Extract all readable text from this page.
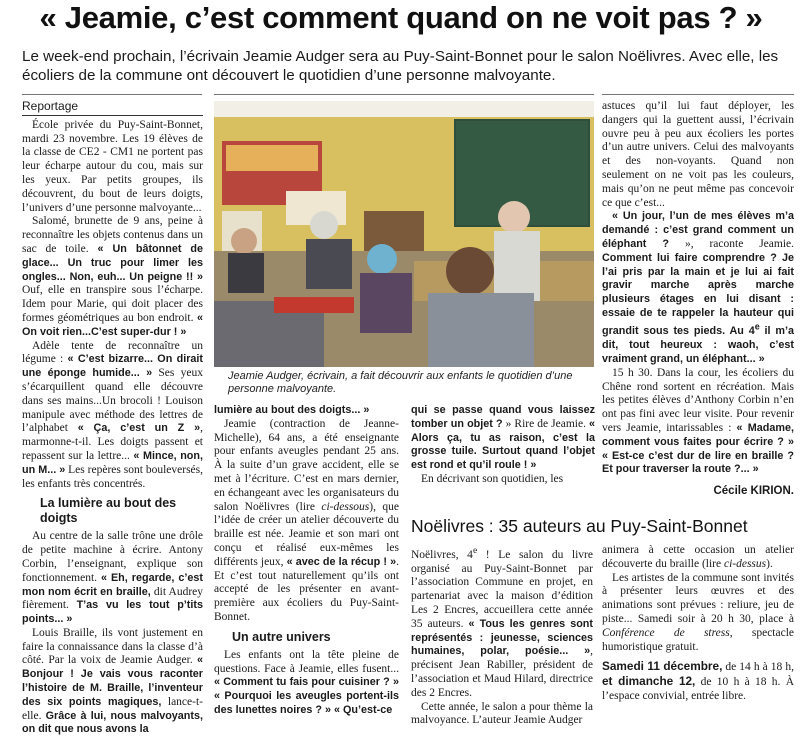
« Jeamie, c’est comment quand on ne voit pas ? »
Le week-end prochain, l’écrivain Jeamie Audger sera au Puy-Saint-Bonnet pour le salon Noëlivres. Avec elle, les écoliers de la commune ont découvert le quotidien d’une personne malvoyante.
Reportage

École privée du Puy-Saint-Bonnet, mardi 23 novembre. Les 19 élèves de la classe de CE2 - CM1 ne portent pas leur écharpe autour du cou, mais sur les yeux. Par petits groupes, ils découvrent, du bout de leurs doigts, l’univers d’une personne malvoyante...

Salomé, brunette de 9 ans, peine à reconnaître les objets contenus dans un sac de toile. « Un bâtonnet de glace... Un truc pour limer les ongles... Non, euh... Un peigne !! » Ouf, elle en transpire sous l’écharpe. Idem pour Marie, qui doit placer des formes géométriques au bon endroit. « On voit rien...C’est super-dur ! »

Adèle tente de reconnaître un légume : « C’est bizarre... On dirait une éponge humide... » Ses yeux s’écarquillent quand elle découvre dans ses mains...Un brocoli ! Louison manipule avec méthode des lettres de l’alphabet « Ça, c’est un Z », marmonne-t-il. Les doigts passent et repassent sur la lettre... « Mince, non, un M... » Les repères sont bouleversés, les enfants très concentrés.

La lumière au bout des doigts

Au centre de la salle trône une drôle de petite machine à écrire. Antony Corbin, l’enseignant, explique son fonctionnement. « Eh, regarde, c’est mon nom écrit en braille, dit Audrey fièrement. T’as vu les tout p’tits points... »

Louis Braille, ils vont justement en faire la connaissance dans la classe d’à côté. Par la voix de Jeamie Audger. « Bonjour ! Je vais vous raconter l’histoire de M. Braille, l’inventeur des six points magiques, lance-t-elle. Grâce à lui, nous malvoyants, on dit que nous avons la

Jeamie Audger, écrivain, a fait découvrir aux enfants le quotidien d’une personne malvoyante.

lumière au bout des doigts... »

Jeamie (contraction de Jeanne-Michelle), 64 ans, a été enseignante pour enfants aveugles pendant 25 ans. À la suite d’un grave accident, elle se met à l’écriture. C’est en mars dernier, en échangeant avec les organisateurs du salon Noëlivres (lire ci-dessous), que l’idée de créer un atelier découverte du braille est née. Jeamie et son mari ont conçu et réalisé eux-mêmes les différents jeux, « avec de la récup ! ». Et c’est tout naturellement qu’ils ont accepté de les présenter en avant-première aux écoliers du Puy-Saint-Bonnet.

Un autre univers

Les enfants ont la tête pleine de questions. Face à Jeamie, elles fusent... « Comment tu fais pour cuisiner ? » « Pourquoi les aveugles portent-ils des lunettes noires ? » « Qu’est-ce

qui se passe quand vous laissez tomber un objet ? » Rire de Jeamie. « Alors ça, tu as raison, c’est la grosse tuile. Surtout quand l’objet est rond et qu’il roule ! »

En décrivant son quotidien, les

astuces qu’il lui faut déployer, les dangers qui la guettent aussi, l’écrivain ouvre peu à peu aux écoliers les portes d’un autre univers. Celui des malvoyants et des non-voyants. Quand non seulement on ne voit pas les couleurs, mais qu’on ne peut même pas concevoir ce que c’est...

« Un jour, l’un de mes élèves m’a demandé : c’est grand comment un éléphant ? », raconte Jeamie. Comment lui faire comprendre ? Je l’ai pris par la main et je lui ai fait gravir marche après marche plusieurs étages en lui disant : essaie de te rappeler la hauteur qui grandit sous tes pieds. Au 4e il m’a dit, tout heureux : waoh, c’est vraiment grand, un éléphant... »

15 h 30. Dans la cour, les écoliers du Chêne rond sortent en récréation. Mais les petites élèves d’Anthony Corbin n’en ont pas fini avec leur visite. Pour revenir vers Jeamie, intarissables : « Madame, comment vous faites pour écrire ? » « Est-ce c’est dur de lire en braille ? Et pour traverser la route ?... »

Cécile KIRION.
Noëlivres : 35 auteurs au Puy-Saint-Bonnet

Noëlivres, 4e ! Le salon du livre organisé au Puy-Saint-Bonnet par l’association Commune en projet, en partenariat avec la maison d’édition Les 2 Encres, accueillera cette année 35 auteurs. « Tous les genres sont représentés : jeunesse, sciences humaines, polar, poésie... », précisent Jean Rabiller, président de l’association et Maud Hilard, directrice des 2 Encres.

Cette année, le salon a pour thème la malvoyance. L’auteur Jeamie Audger

animera à cette occasion un atelier découverte du braille (lire ci-dessus).

Les artistes de la commune sont invités à présenter leurs œuvres et des animations sont prévues : reliure, jeu de piste... Samedi soir à 20 h 30, place à Conférence de stress, spectacle humoristique gratuit.

Samedi 11 décembre, de 14 h à 18 h, et dimanche 12, de 10 h à 18 h. À l’espace convivial, entrée libre.
